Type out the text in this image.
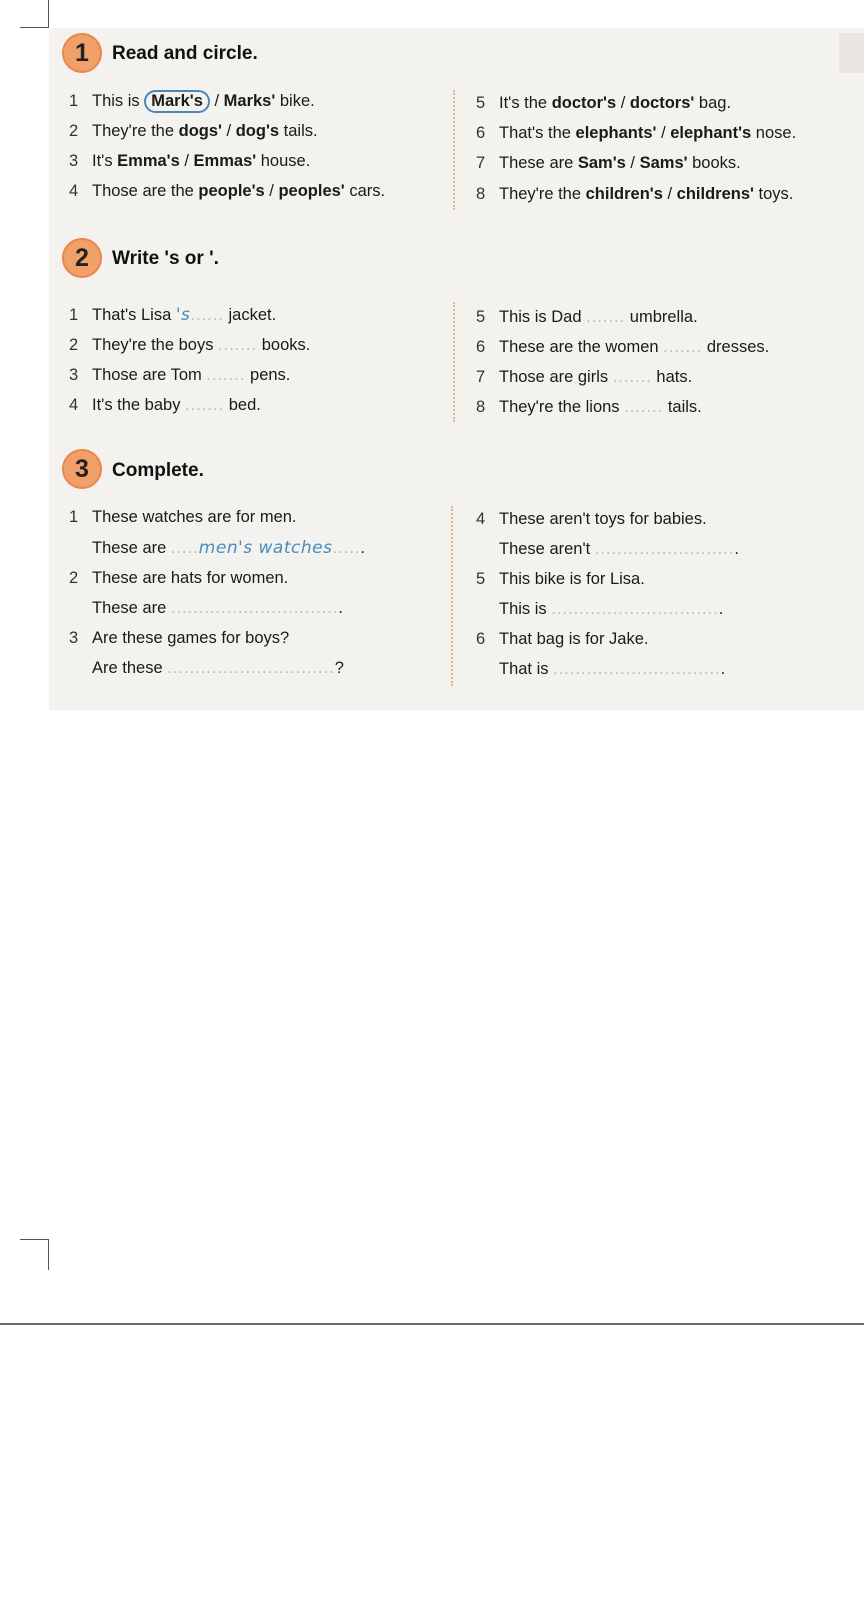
1	Read and circle.
1 This is Mark's / Marks' bike.
2 They're the dogs' / dog's tails.
3 It's Emma's / Emmas' house.
4 Those are the people's / peoples' cars.
5 It's the doctor's / doctors' bag.
6 That's the elephants' / elephant's nose.
7 These are Sam's / Sams' books.
8 They're the children's / childrens' toys.
2	Write 's or '.
1 That's Lisa 's...... jacket.
2 They're the boys ....... books.
3 Those are Tom ....... pens.
4 It's the baby ....... bed.
5 This is Dad ....... umbrella.
6 These are the women ....... dresses.
7 Those are girls ....... hats.
8 They're the lions ....... tails.
3	Complete.
1 These watches are for men.
These are .....men's watches......
2 These are hats for women.
These are ...............................
3 Are these games for boys?
Are these ..............................?
4 These aren't toys for babies.
These aren't ..........................
5 This bike is for Lisa.
This is ...............................
6 That bag is for Jake.
That is ...............................
